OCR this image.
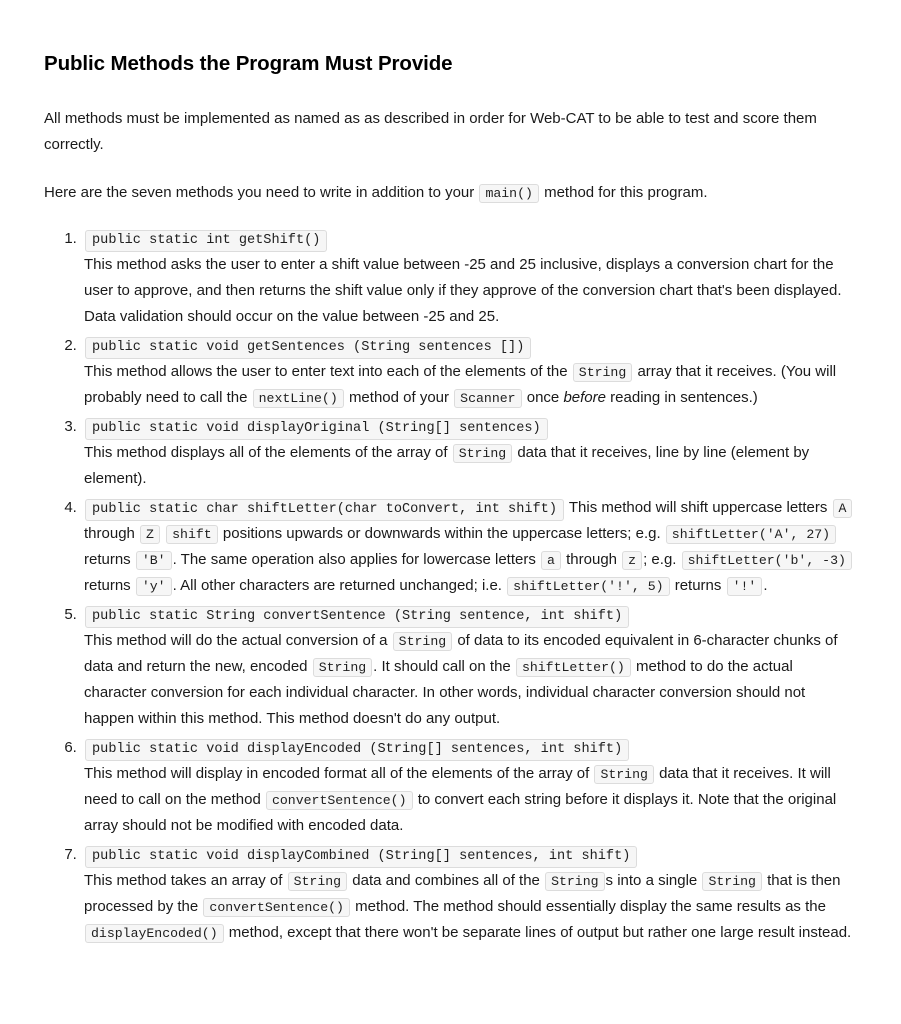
Public Methods the Program Must Provide

All methods must be implemented as named as as described in order for Web-CAT to be able to test and score them correctly.

Here are the seven methods you need to write in addition to your main() method for this program.

1. public static int getShift()
This method asks the user to enter a shift value between -25 and 25 inclusive, displays a conversion chart for the user to approve, and then returns the shift value only if they approve of the conversion chart that's been displayed. Data validation should occur on the value between -25 and 25.
2. public static void getSentences (String sentences [])
This method allows the user to enter text into each of the elements of the String array that it receives. (You will probably need to call the nextLine() method of your Scanner once before reading in sentences.)
3. public static void displayOriginal (String[] sentences)
This method displays all of the elements of the array of String data that it receives, line by line (element by element).
4. public static char shiftLetter(char toConvert, int shift) This method will shift uppercase letters A through Z shift positions upwards or downwards within the uppercase letters; e.g. shiftLetter('A', 27) returns 'B' . The same operation also applies for lowercase letters a through z ; e.g. shiftLetter('b', -3) returns 'y' . All other characters are returned unchanged; i.e. shiftLetter('!', 5) returns '!' .
5. public static String convertSentence (String sentence, int shift)
This method will do the actual conversion of a String of data to its encoded equivalent in 6-character chunks of data and return the new, encoded String . It should call on the shiftLetter() method to do the actual character conversion for each individual character. In other words, individual character conversion should not happen within this method. This method doesn't do any output.
6. public static void displayEncoded (String[] sentences, int shift)
This method will display in encoded format all of the elements of the array of String data that it receives. It will need to call on the method convertSentence() to convert each string before it displays it. Note that the original array should not be modified with encoded data.
7. public static void displayCombined (String[] sentences, int shift)
This method takes an array of String data and combines all of the String s into a single String that is then processed by the convertSentence() method. The method should essentially display the same results as the displayEncoded() method, except that there won't be separate lines of output but rather one large result instead.
